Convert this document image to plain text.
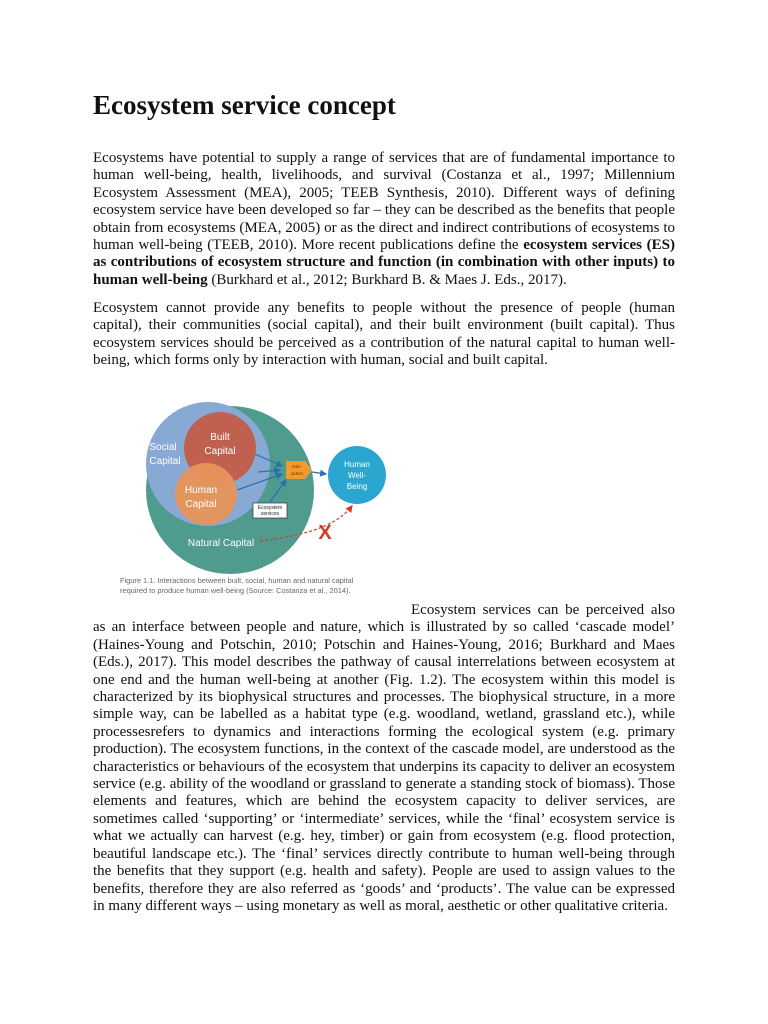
Ecosystem service concept

Ecosystems have potential to supply a range of services that are of fundamental importance to human well-being, health, livelihoods, and survival (Costanza et al., 1997; Millennium Ecosystem Assessment (MEA), 2005; TEEB Synthesis, 2010). Different ways of defining ecosystem service have been developed so far – they can be described as the benefits that people obtain from ecosystems (MEA, 2005) or as the direct and indirect contributions of ecosystems to human well-being (TEEB, 2010). More recent publications define the ecosystem services (ES) as contributions of ecosystem structure and function (in combination with other inputs) to human well-being (Burkhard et al., 2012; Burkhard B. & Maes J. Eds., 2017).

Ecosystem cannot provide any benefits to people without the presence of people (human capital), their communities (social capital), and their built environment (built capital). Thus ecosystem services should be perceived as a contribution of the natural capital to human well-being, which forms only by interaction with human, social and built capital.

Social
Capital
Built
Capital
Human
Capital
Natural Capital
Human
Well-
Being
Inter-
action
Ecosystem
services
X
Figure 1.1. Interactions between built, social, human and natural capital
required to produce human well-being (Source: Costanza et al., 2014).

Ecosystem services can be perceived also as an interface between people and nature, which is illustrated by so called ‘cascade model’ (Haines-Young and Potschin, 2010; Potschin and Haines-Young, 2016; Burkhard and Maes (Eds.), 2017). This model describes the pathway of causal interrelations between ecosystem at one end and the human well-being at another (Fig. 1.2). The ecosystem within this model is characterized by its biophysical structures and processes. The biophysical structure, in a more simple way, can be labelled as a habitat type (e.g. woodland, wetland, grassland etc.), while processesrefers to dynamics and interactions forming the ecological system (e.g. primary production). The ecosystem functions, in the context of the cascade model, are understood as the characteristics or behaviours of the ecosystem that underpins its capacity to deliver an ecosystem service (e.g. ability of the woodland or grassland to generate a standing stock of biomass). Those elements and features, which are behind the ecosystem capacity to deliver services, are sometimes called ‘supporting’ or ‘intermediate’ services, while the ‘final’ ecosystem service is what we actually can harvest (e.g. hey, timber) or gain from ecosystem (e.g. flood protection, beautiful landscape etc.). The ‘final’ services directly contribute to human well-being through the benefits that they support (e.g. health and safety). People are used to assign values to the benefits, therefore they are also referred as ‘goods’ and ‘products’. The value can be expressed in many different ways – using monetary as well as moral, aesthetic or other qualitative criteria.
